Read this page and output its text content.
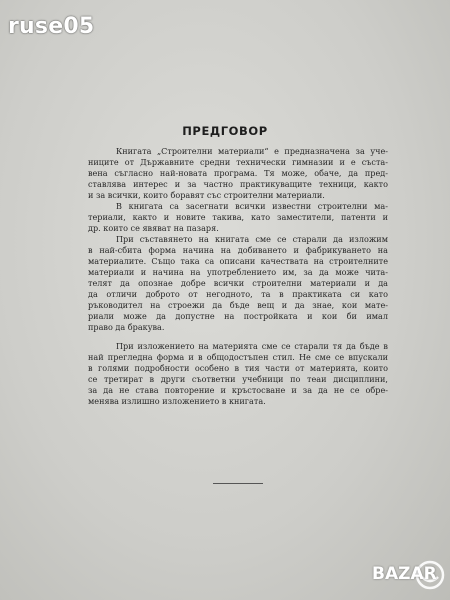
ruse05
ПРЕДГОВОР

Книгата „Строителни материали“ е предназначена за уче-
ниците от Държавните средни технически гимназии и е съста-
вена съгласно най-новата програма. Тя може, обаче, да пред-
ставлява интерес и за частно практикуващите техници, както
и за всички, които боравят със строителни материали.

В книгата са засегнати всички известни строителни ма-
териали, както и новите такива, като заместители, патенти и
др. които се явяват на пазаря.

При съставянето на книгата сме се старали да изложим
в най-сбита форма начина на добиването и фабрикуването на
материалите. Също така са описани качествата на строителните
материали и начина на употреблението им, за да може чита-
телят да опознае добре всички строителни материали и да
да отличи доброто от негодното, та в практиката си като
ръководител на строежи да бъде вещ и да знае, кои мате-
риали може да допустне на постройката и кои би имал
право да бракува.

При изложението на материята сме се старали тя да бъде в
най прегледна форма и в общодостъпен стил. Не сме се впускали
в голями подробности особено в тия части от материята, които
се третират в други съответни учебници по теаи дисциплини,
за да не става повторение и кръстосване и за да не се обре-
менява излишно изложението в книгата.

BAZAR
